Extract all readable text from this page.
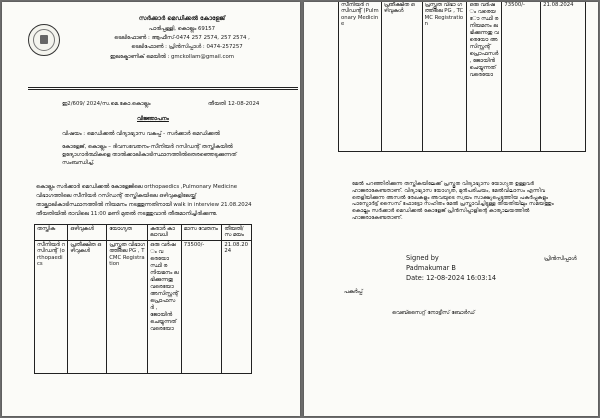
സർക്കാർ മെഡിക്കൽ കോളേജ്
പാരിപ്പള്ളി, കൊല്ലം 69157
ടെലിഫോൺ : ആഫീസ്-0474 257 2574, 257 2574 ,
ടെലിഫോൺ : പ്രിൻസിപ്പാൾ : 0474-257257
ഇലക്ട്രോണിക് മെയിൽ : gmckollam@gmail.com
ഇ2/609/ 2024/സ.മെ.കോ.കൊല്ലം	തീയതി 12-08-2024
വിജ്ഞാപനം
വിഷയം : മെഡിക്കൽ വിദ്യാഭ്യാസ വകുപ്പ് - സർക്കാർ മെഡിക്കൽ
കോളേജ്, കൊല്ലം – ദിവസവേതനം-സീനിയർ റസിഡന്റ് തസ്തികയിൽ
ഉദ്യോഗാർത്ഥികളെ താൽക്കാലികാടിസ്ഥാനത്തിൽതെരഞ്ഞെടുക്കുന്നത്
സംബന്ധിച്ച്.
കൊല്ലം സർക്കാർ മെഡിക്കൽ കോളേജിലെ orthopaedics ,Pulmonary Medicine
വിഭാഗത്തിലെ സീനിയർ റസിഡന്റ് തസ്തികയിലെ ഒഴിവുകളിലേയ്ക്ക്
താല്ക്കാലികാടിസ്ഥാനത്തിൽ നിയമനം നടത്തുന്നതിനായി walk in interview 21.08.2024
തീയതിയിൽ രാവിലെ 11:00 മണി മുതൽ നടത്തുവാൻ തീരുമാനിച്ചിരിക്കുന്നു.
തസ്തിക	ഒഴിവുകൾ	യോഗ്യത	കരാർ കാ ലാവധി	മാസ വേതനം	തീയതി/ സ മയം
സീനിയർ റസിഡന്റ് (orthopaedics	പ്രതീക്ഷിത ഒഴിവുകൾ	പ്രസ്തുത വിഭാഗ ത്തിലെ PG , TCMC Registration	ഒരു വർഷ ം വരെയോ സ്ഥി ര നിയമനം ലഭിക്കുന്നതു വരെയോ അസിസ്റ്റന്റ് പ്രൊഫസർ , ജോയിൻ ചെയ്യുന്നത് വരെയോ	73500/-	21.08.2024
സീനിയർ റസിഡന്റ് (Pulmonary Medicine	പ്രതീക്ഷിത ഒഴിവുകൾ	പ്രസ്തുത വിഭാ ഗത്തിലെ PG , TCMC Registration	ഒരു വർഷ ം വരെയ ോ സ്ഥി ര നിയമനം ലഭിക്കുന്നതു വരെയോ അസിസ്റ്റന്റ് പ്രൊഫസർ , ജോയിൻ ചെയ്യുന്നത് വരെയോ	73500/-	21.08.2024
മേൽ പറഞ്ഞിരിക്കുന്ന തസ്തികയിലേക്ക് പ്രസ്തുത വിദ്യാഭ്യാസ യോഗ്യത ഉള്ളവർ ഹാജരാകേണ്ടതാണ്. വിദ്യാഭ്യാസ യോഗ്യത, മുൻപരിചയം, മേൽവിലാസം എന്നിവ തെളിയിക്കുന്ന അസൽ രേഖകളും അവയുടെ സ്വയം സാക്ഷ്യപ്പെടുത്തിയ പകർപ്പുകളും പാസ്പോർട്ട് സൈസ് ഫോട്ടോ സഹിതം മേൽ പ്രസ്താവിച്ചിട്ടുള്ള തീയതിയിലും സമയത്തും കൊല്ലം സർക്കാർ മെഡിക്കൽ കോളേജ് പ്രിൻസിപ്പാളിന്റെ കാര്യാലയത്തിൽ ഹാജരാകേണ്ടതാണ്.
Signed by
Padmakumar B
Date: 12-08-2024 16:03:14
പ്രിൻസിപ്പാൾ
പകർപ്പ്
വെബ്സൈറ്റ് നോട്ടീസ് ബോർഡ്
